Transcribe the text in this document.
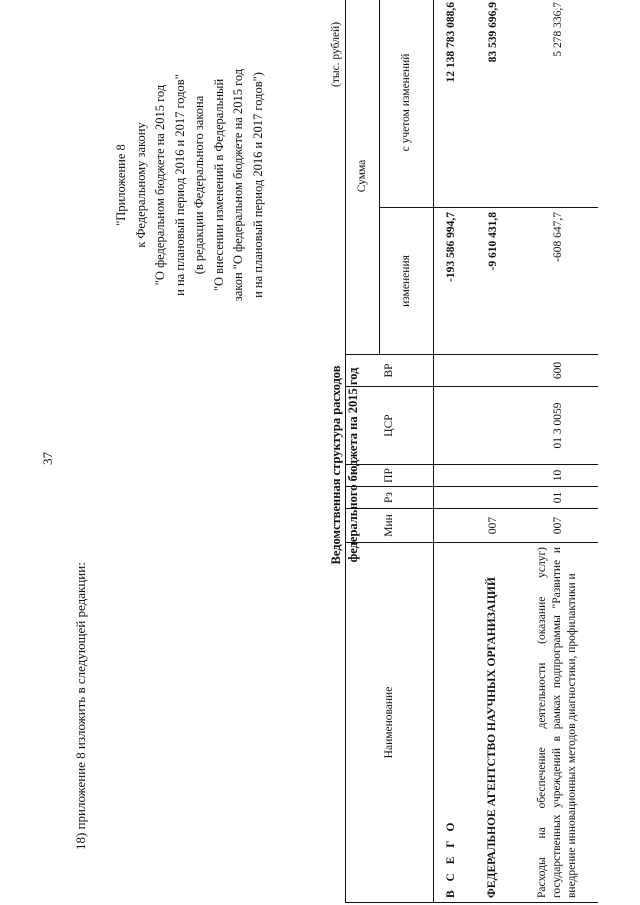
37
18) приложение 8 изложить в следующей редакции:
"Приложение 8 к Федеральному закону "О федеральном бюджете на 2015 год и на плановый период 2016 и 2017 годов" (в редакции Федерального закона "О внесении изменений в Федеральный закон "О федеральном бюджете на 2015 год и на плановый период 2016 и 2017 годов")
Ведомственная структура расходов федерального бюджета на 2015 год
(тыс. рублей)
Наименование	Мин	Рз	ПР	ЦСР	ВР	Сумма	
						изменения	с учетом изменений
В С Е Г О						-193 586 994,7	12 138 783 088,6
ФЕДЕРАЛЬНОЕ АГЕНТСТВО НАУЧНЫХ ОРГАНИЗАЦИЙ	007					-9 610 431,8	83 539 696,9
Расходы на обеспечение деятельности (оказание услуг) государственных учреждений в рамках подпрограммы "Развитие и внедрение инновационных методов диагностики, профилактики и	007	01	10	01 3 0059	600	-608 647,7	5 278 336,7
